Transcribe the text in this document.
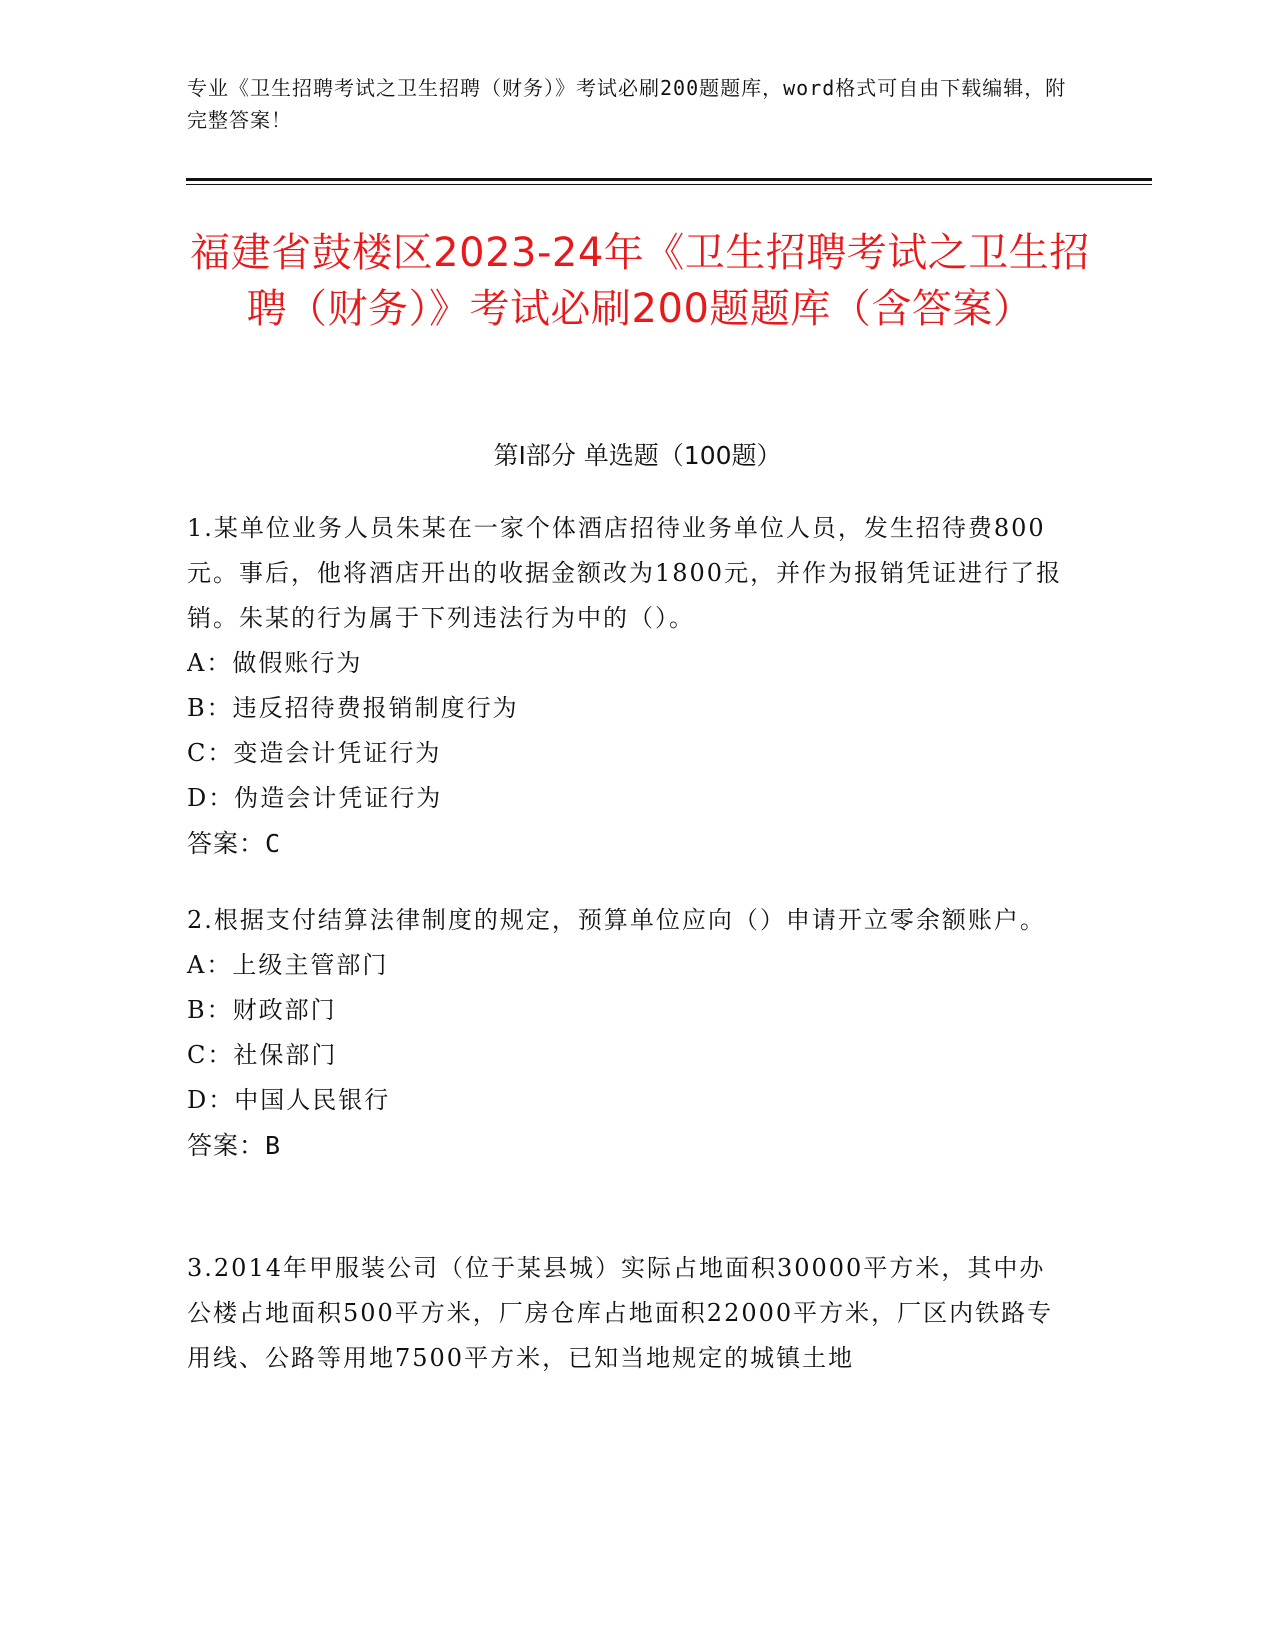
专业《卫生招聘考试之卫生招聘（财务）》考试必刷200题题库，word格式可自由下载编辑，附完整答案！
福建省鼓楼区2023-24年《卫生招聘考试之卫生招聘（财务）》考试必刷200题题库（含答案）
第I部分 单选题（100题）
1.某单位业务人员朱某在一家个体酒店招待业务单位人员，发生招待费800元。事后，他将酒店开出的收据金额改为1800元，并作为报销凭证进行了报销。朱某的行为属于下列违法行为中的（）。
A：做假账行为
B：违反招待费报销制度行为
C：变造会计凭证行为
D：伪造会计凭证行为
答案：C
2.根据支付结算法律制度的规定，预算单位应向（）申请开立零余额账户。
A：上级主管部门
B：财政部门
C：社保部门
D：中国人民银行
答案：B
3.2014年甲服装公司（位于某县城）实际占地面积30000平方米，其中办公楼占地面积500平方米，厂房仓库占地面积22000平方米，厂区内铁路专用线、公路等用地7500平方米，已知当地规定的城镇土地
